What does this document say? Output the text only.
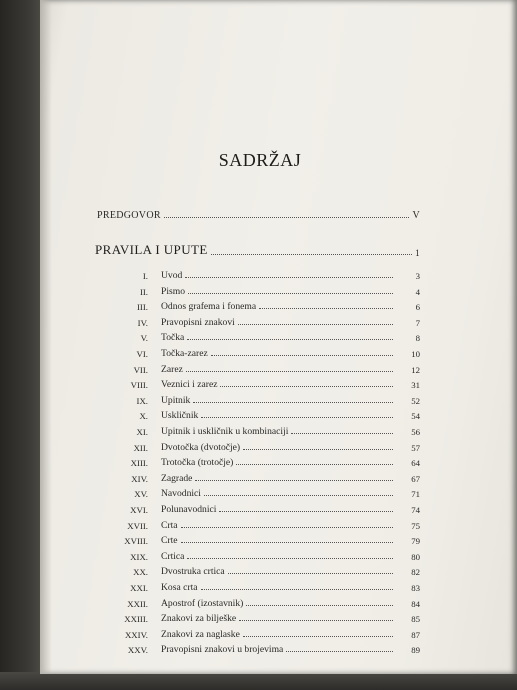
SADRŽAJ
PREDGOVOR	V
PRAVILA I UPUTE	1
I.	Uvod	3
II.	Pismo	4
III.	Odnos grafema i fonema	6
IV.	Pravopisni znakovi	7
V.	Točka	8
VI.	Točka-zarez	10
VII.	Zarez	12
VIII.	Veznici i zarez	31
IX.	Upitnik	52
X.	Uskličnik	54
XI.	Upitnik i uskličnik u kombinaciji	56
XII.	Dvotočka (dvotočje)	57
XIII.	Trotočka (trotočje)	64
XIV.	Zagrade	67
XV.	Navodnici	71
XVI.	Polunavodnici	74
XVII.	Crta	75
XVIII.	Crte	79
XIX.	Crtica	80
XX.	Dvostruka crtica	82
XXI.	Kosa crta	83
XXII.	Apostrof (izostavnik)	84
XXIII.	Znakovi za bilješke	85
XXIV.	Znakovi za naglaske	87
XXV.	Pravopisni znakovi u brojevima	89
